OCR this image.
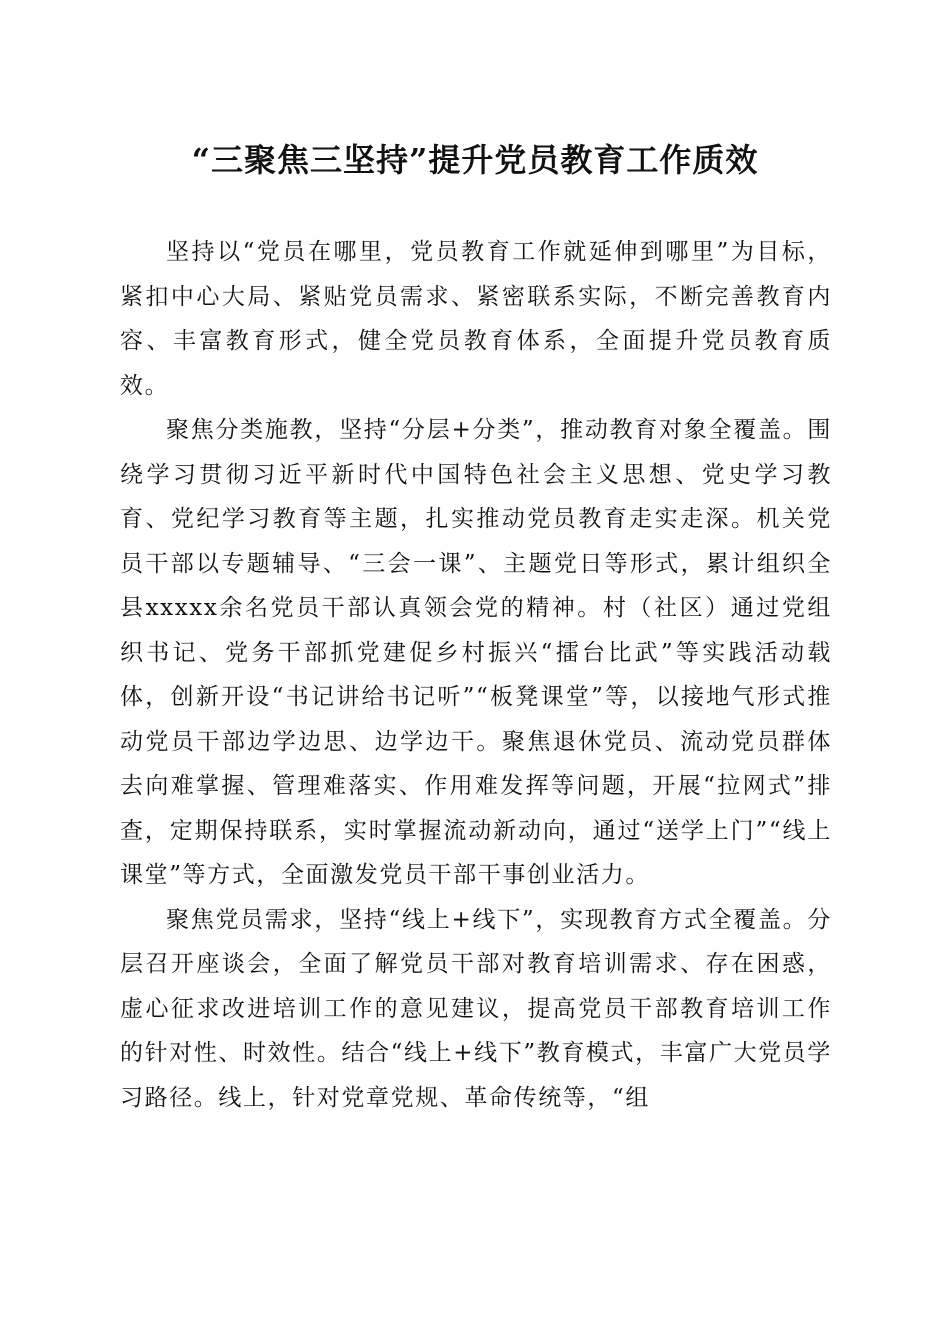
“三聚焦三坚持”提升党员教育工作质效

坚持以“党员在哪里，党员教育工作就延伸到哪里”为目标，紧扣中心大局、紧贴党员需求、紧密联系实际，不断完善教育内容、丰富教育形式，健全党员教育体系，全面提升党员教育质效。

聚焦分类施教，坚持“分层+分类”，推动教育对象全覆盖。围绕学习贯彻习近平新时代中国特色社会主义思想、党史学习教育、党纪学习教育等主题，扎实推动党员教育走实走深。机关党员干部以专题辅导、“三会一课”、主题党日等形式，累计组织全县xxxxx余名党员干部认真领会党的精神。村（社区）通过党组织书记、党务干部抓党建促乡村振兴“擂台比武”等实践活动载体，创新开设“书记讲给书记听”“板凳课堂”等，以接地气形式推动党员干部边学边思、边学边干。聚焦退休党员、流动党员群体去向难掌握、管理难落实、作用难发挥等问题，开展“拉网式”排查，定期保持联系，实时掌握流动新动向，通过“送学上门”“线上课堂”等方式，全面激发党员干部干事创业活力。

聚焦党员需求，坚持“线上+线下”，实现教育方式全覆盖。分层召开座谈会，全面了解党员干部对教育培训需求、存在困惑，虚心征求改进培训工作的意见建议，提高党员干部教育培训工作的针对性、时效性。结合“线上+线下”教育模式，丰富广大党员学习路径。线上，针对党章党规、革命传统等，“组
